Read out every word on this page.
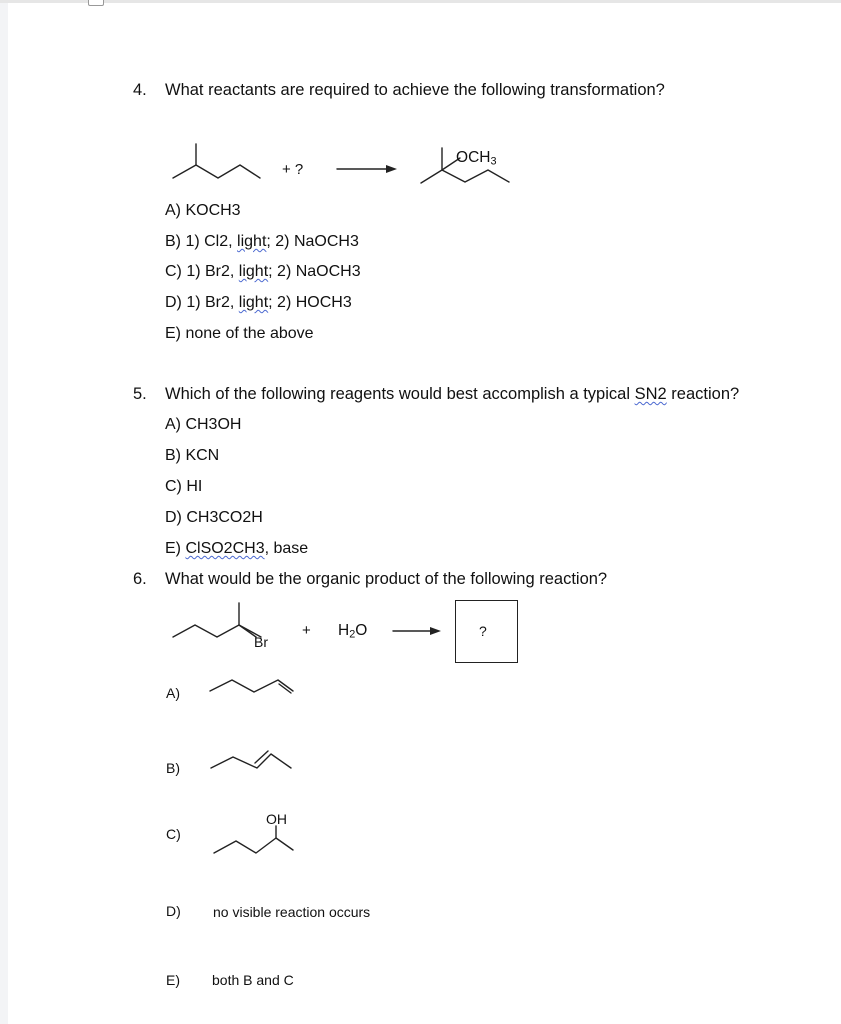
4. What reactants are required to achieve the following transformation?
+ ?
$OCH_3$
A) KOCH3
B) 1) Cl2, light; 2) NaOCH3
C) 1) Br2, light; 2) NaOCH3
D) 1) Br2, light; 2) HOCH3
E) none of the above
5. Which of the following reagents would best accomplish a typical SN2 reaction?
A) CH3OH
B) KCN
C) HI
D) CH3CO2H
E) ClSO2CH3, base
6. What would be the organic product of the following reaction?
Br
+ $H_2O$	?
A)
B)
C)
OH
D) no visible reaction occurs
E) both B and C
